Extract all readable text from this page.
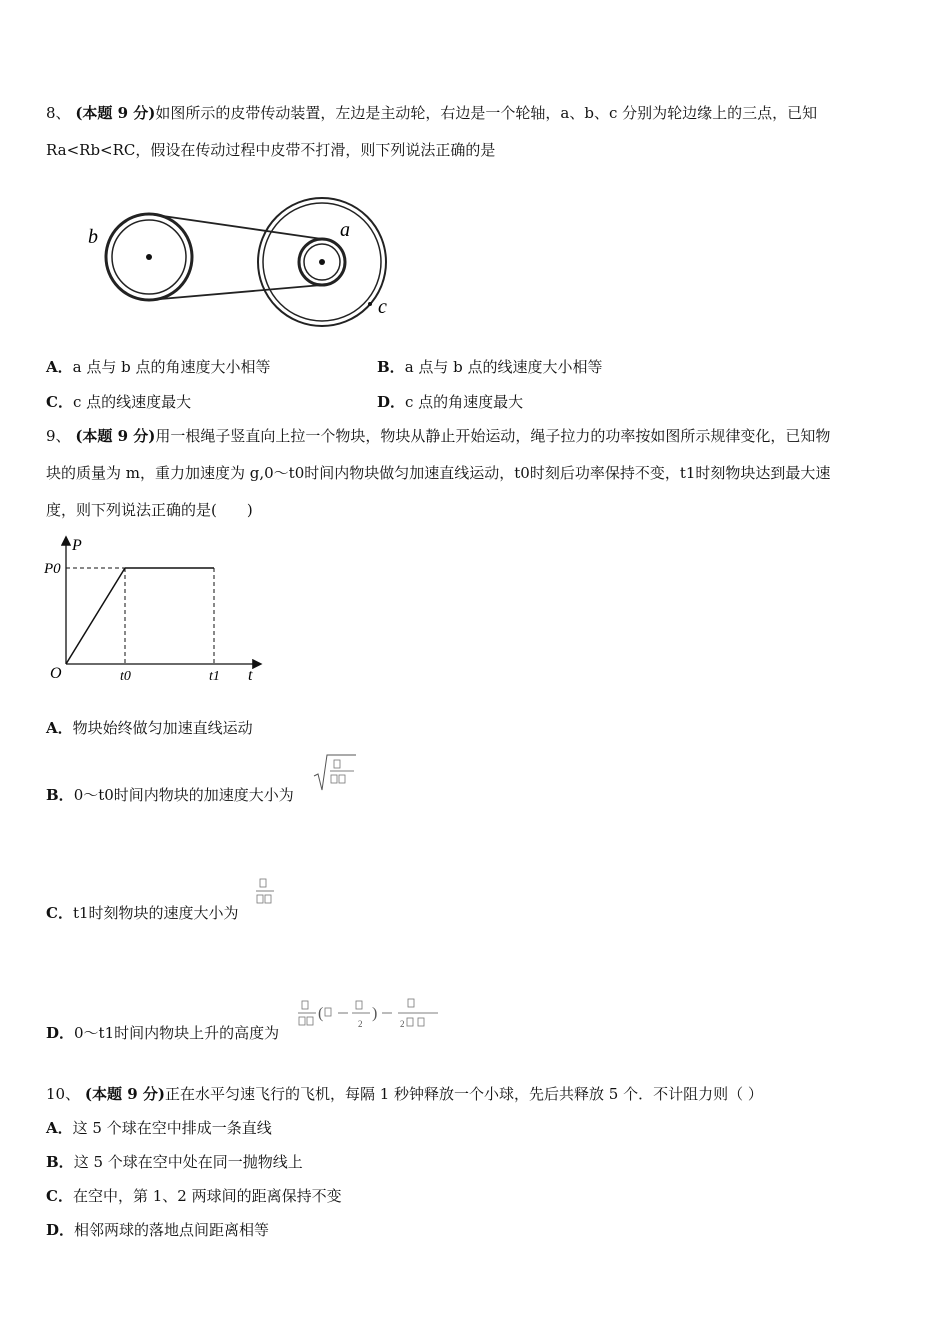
8、 (本题 9 分)如图所示的皮带传动装置，左边是主动轮，右边是一个轮轴，a、b、c 分别为轮边缘上的三点，已知
Ra<Rb<RC，假设在传动过程中皮带不打滑，则下列说法正确的是
b	a
c
A．a 点与 b 点的角速度大小相等	B．a 点与 b 点的线速度大小相等
C．c 点的线速度最大	D．c 点的角速度最大
9、 (本题 9 分)用一根绳子竖直向上拉一个物块，物块从静止开始运动，绳子拉力的功率按如图所示规律变化，已知物
块的质量为 m，重力加速度为 g,0～t0时间内物块做匀加速直线运动，t0时刻后功率保持不变，t1时刻物块达到最大速
度，则下列说法正确的是(　　)
P
t
O
P0
t0	t1
A．物块始终做匀加速直线运动
B．0～t0时间内物块的加速度大小为
C．t1时刻物块的速度大小为
D．0～t1时间内物块上升的高度为
(
2
)
2
10、 (本题 9 分)正在水平匀速飞行的飞机，每隔 1 秒钟释放一个小球，先后共释放 5 个．不计阻力则（ ）
A．这 5 个球在空中排成一条直线
B．这 5 个球在空中处在同一抛物线上
C．在空中，第 1、2 两球间的距离保持不变
D．相邻两球的落地点间距离相等
